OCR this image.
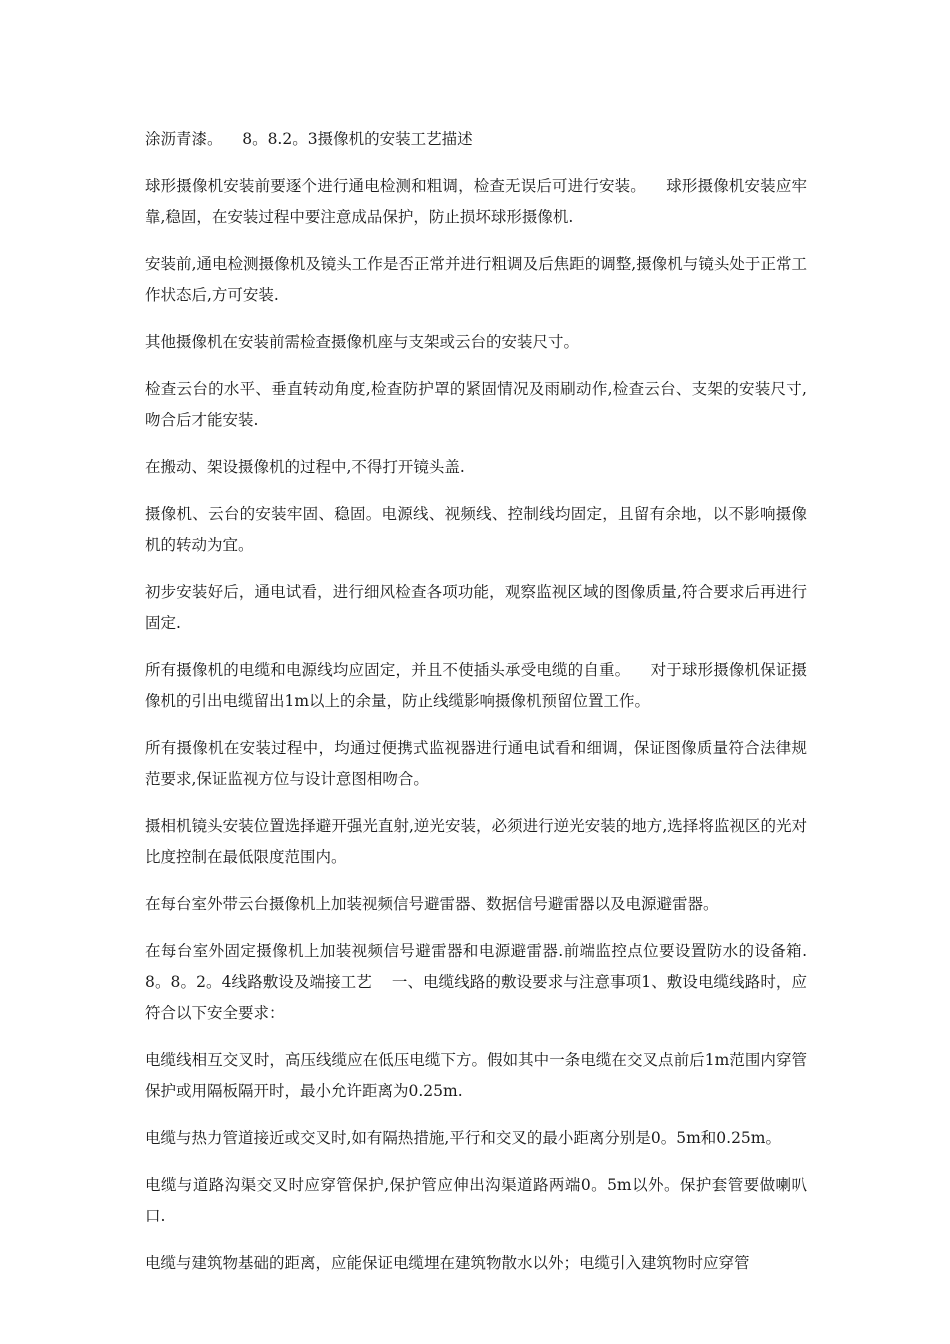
涂沥青漆。    8。8.2。3摄像机的安装工艺描述

球形摄像机安装前要逐个进行通电检测和粗调，检查无误后可进行安装。    球形摄像机安装应牢靠,稳固，在安装过程中要注意成品保护，防止损坏球形摄像机.

安装前,通电检测摄像机及镜头工作是否正常并进行粗调及后焦距的调整,摄像机与镜头处于正常工作状态后,方可安装.

其他摄像机在安装前需检查摄像机座与支架或云台的安装尺寸。

检查云台的水平、垂直转动角度,检查防护罩的紧固情况及雨刷动作,检查云台、支架的安装尺寸,吻合后才能安装.

在搬动、架设摄像机的过程中,不得打开镜头盖.

摄像机、云台的安装牢固、稳固。电源线、视频线、控制线均固定，且留有余地，以不影响摄像机的转动为宜。

初步安装好后，通电试看，进行细风检查各项功能，观察监视区域的图像质量,符合要求后再进行固定.

所有摄像机的电缆和电源线均应固定，并且不使插头承受电缆的自重。    对于球形摄像机保证摄像机的引出电缆留出1m以上的余量，防止线缆影响摄像机预留位置工作。

所有摄像机在安装过程中，均通过便携式监视器进行通电试看和细调，保证图像质量符合法律规范要求,保证监视方位与设计意图相吻合。

摄相机镜头安装位置选择避开强光直射,逆光安装，必须进行逆光安装的地方,选择将监视区的光对比度控制在最低限度范围内。

在每台室外带云台摄像机上加装视频信号避雷器、数据信号避雷器以及电源避雷器。

在每台室外固定摄像机上加装视频信号避雷器和电源避雷器.前端监控点位要设置防水的设备箱.8。8。2。4线路敷设及端接工艺    一、电缆线路的敷设要求与注意事项1、敷设电缆线路时，应符合以下安全要求：

电缆线相互交叉时，高压线缆应在低压电缆下方。假如其中一条电缆在交叉点前后1m范围内穿管保护或用隔板隔开时，最小允许距离为0.25m.

电缆与热力管道接近或交叉时,如有隔热措施,平行和交叉的最小距离分别是0。5m和0.25m。

电缆与道路沟渠交叉时应穿管保护,保护管应伸出沟渠道路两端0。5m以外。保护套管要做喇叭口.

电缆与建筑物基础的距离，应能保证电缆埋在建筑物散水以外；电缆引入建筑物时应穿管
